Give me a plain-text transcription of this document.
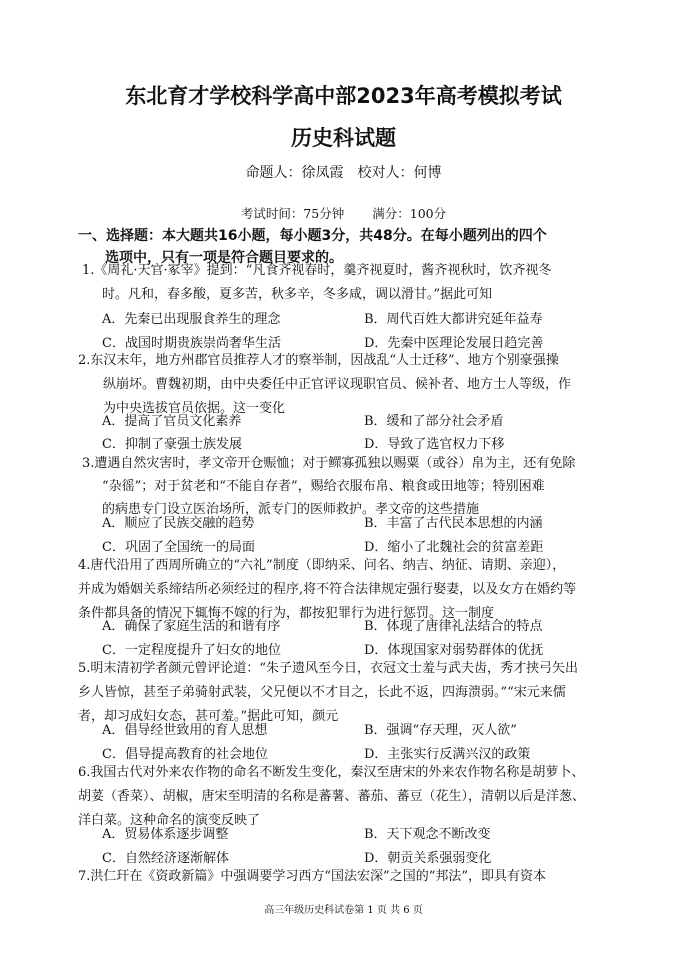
东北育才学校科学高中部2023年高考模拟考试
历史科试题
命题人：徐凤霞 校对人：何博
考试时间：75分钟 满分：100分
一、选择题：本大题共16小题，每小题3分，共48分。在每小题列出的四个
选项中，只有一项是符合题目要求的。
1.《周礼·天官·冢宰》提到：“凡食齐视春时，羹齐视夏时，酱齐视秋时，饮齐视冬
时。凡和，春多酸，夏多苦，秋多辛，冬多咸，调以滑甘。”据此可知
A．先秦已出现服食养生的理念	B．周代百姓大都讲究延年益寿
C．战国时期贵族崇尚奢华生活	D．先秦中医理论发展日趋完善
2.东汉末年，地方州郡官员推荐人才的察举制，因战乱“人士迁移”、地方个别豪强操
纵崩坏。曹魏初期，由中央委任中正官评议现职官员、候补者、地方士人等级，作
为中央选拔官员依据。这一变化
A．提高了官员文化素养	B．缓和了部分社会矛盾
C．抑制了豪强士族发展	D．导致了选官权力下移
3.遭遇自然灾害时，孝文帝开仓赈恤；对于鳏寡孤独以赐粟（或谷）帛为主，还有免除
“杂徭”；对于贫老和“不能自存者”，赐给衣服布帛、粮食或田地等；特别困难
的病患专门设立医治场所，派专门的医师救护。孝文帝的这些措施
A．顺应了民族交融的趋势	B．丰富了古代民本思想的内涵
C．巩固了全国统一的局面	D．缩小了北魏社会的贫富差距
4.唐代沿用了西周所确立的“六礼”制度（即纳采、问名、纳吉、纳征、请期、亲迎），
并成为婚姻关系缔结所必须经过的程序,将不符合法律规定强行娶妻，以及女方在婚约等
条件都具备的情况下辄悔不嫁的行为，都按犯罪行为进行惩罚。这一制度
A．确保了家庭生活的和谐有序	B．体现了唐律礼法结合的特点
C．一定程度提升了妇女的地位	D．体现国家对弱势群体的优抚
5.明末清初学者颜元曾评论道：“朱子遗风至今日，衣冠文士羞与武夫齿，秀才挟弓矢出
乡人皆惊，甚至子弟骑射武装，父兄便以不才目之，长此不返，四海溃弱。”“宋元来儒
者，却习成妇女态，甚可羞。”据此可知，颜元
A．倡导经世致用的育人思想	B．强调“存天理，灭人欲”
C．倡导提高教育的社会地位	D．主张实行反满兴汉的政策
6.我国古代对外来农作物的命名不断发生变化，秦汉至唐宋的外来农作物名称是胡萝卜、
胡荽（香菜）、胡椒，唐宋至明清的名称是蕃薯、蕃茄、蕃豆（花生），清朝以后是洋葱、
洋白菜。这种命名的演变反映了
A．贸易体系逐步调整	B．天下观念不断改变
C．自然经济逐渐解体	D．朝贡关系强弱变化
7.洪仁玕在《资政新篇》中强调要学习西方“国法宏深”之国的“邦法”，即具有资本
高三年级历史科试卷第 1 页 共 6 页
